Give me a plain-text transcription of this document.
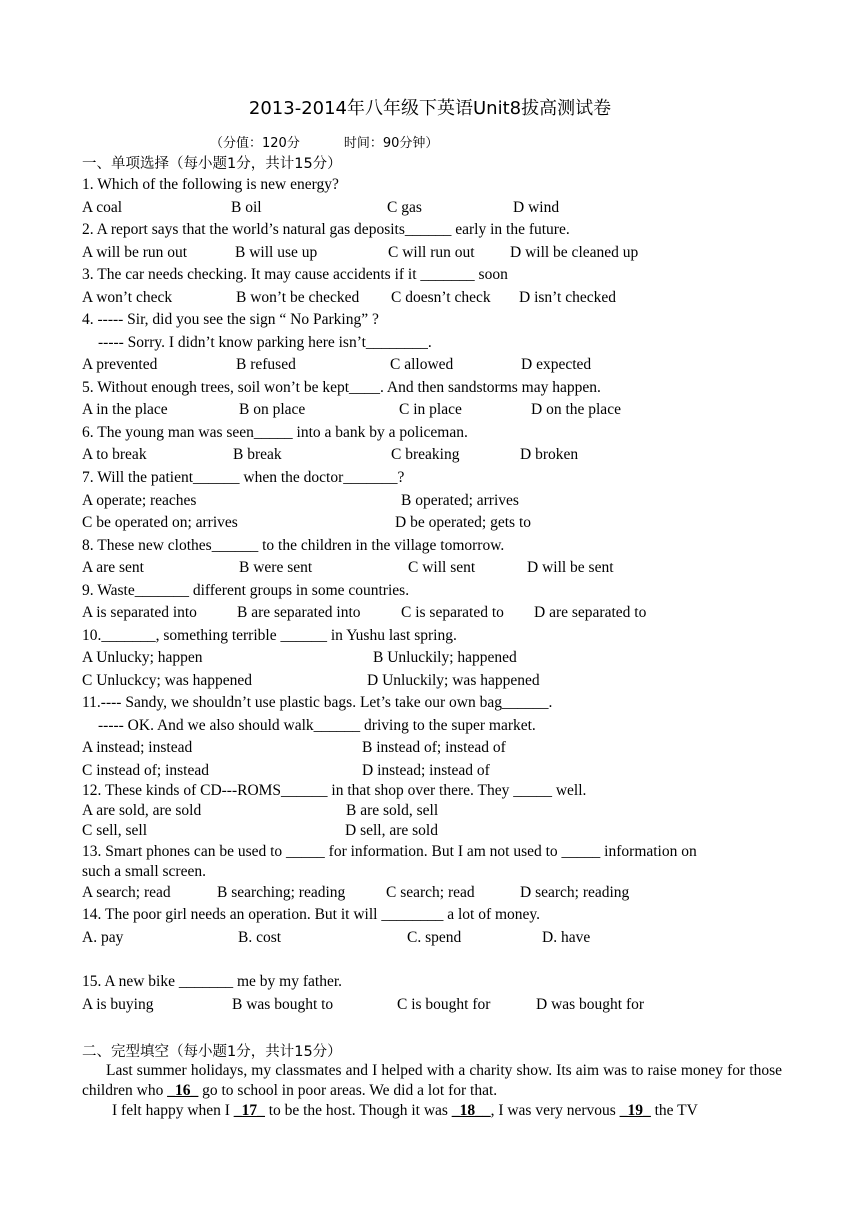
2013-2014年八年级下英语Unit8拔高测试卷
（分值：120分	时间：90分钟）
一、单项选择（每小题1分，共计15分）
1. Which of the following is new energy?
A coal	B oil	C gas	D wind
2. A report says that the world’s natural gas deposits______ early in the future.
A will be run out	B will use up	C will run out D will be cleaned up
3. The car needs checking. It may cause accidents if it _______ soon
A won’t check	B won’t be checked C doesn’t check D isn’t checked
4. ----- Sir, did you see the sign “ No Parking” ?
----- Sorry. I didn’t know parking here isn’t________.
A prevented	B refused	C allowed	D expected
5. Without enough trees, soil won’t be kept____. And then sandstorms may happen.
A in the place	B on place	C in place	D on the place
6. The young man was seen_____ into a bank by a policeman.
A to break	B break	C breaking	D broken
7. Will the patient______ when the doctor_______?
A operate; reaches	B operated; arrives
C be operated on; arrives	D be operated; gets to
8. These new clothes______ to the children in the village tomorrow.
A are sent	B were sent	C will sent	D will be sent
9. Waste_______ different groups in some countries.
A is separated into	B are separated into	C is separated to D are separated to
10._______, something terrible ______ in Yushu last spring.
A Unlucky; happen	B Unluckily; happened
C Unluckcy; was happened	D Unluckily; was happened
11.---- Sandy, we shouldn’t use plastic bags. Let’s take our own bag______.
----- OK. And we also should walk______ driving to the super market.
A instead; instead	B instead of; instead of
C instead of; instead	D instead; instead of
12. These kinds of CD---ROMS______ in that shop over there. They _____ well.
A are sold, are sold	B are sold, sell
C sell, sell	D sell, are sold
13. Smart phones can be used to _____ for information. But I am not used to _____ information on
such a small screen.
A search; read	B searching; reading	C search; read	D search; reading
14. The poor girl needs an operation. But it will ________ a lot of money.
A. pay	B. cost	C. spend	D. have
15. A new bike _______ me by my father.
A is buying	B was bought to	C is bought for	D was bought for
二、完型填空（每小题1分，共计15分）
Last summer holidays, my classmates and I helped with a charity show. Its aim was to raise money for those children who _16_ go to school in poor areas. We did a lot for that.
I felt happy when I _17_ to be the host. Though it was _18__, I was very nervous _19_ the TV
